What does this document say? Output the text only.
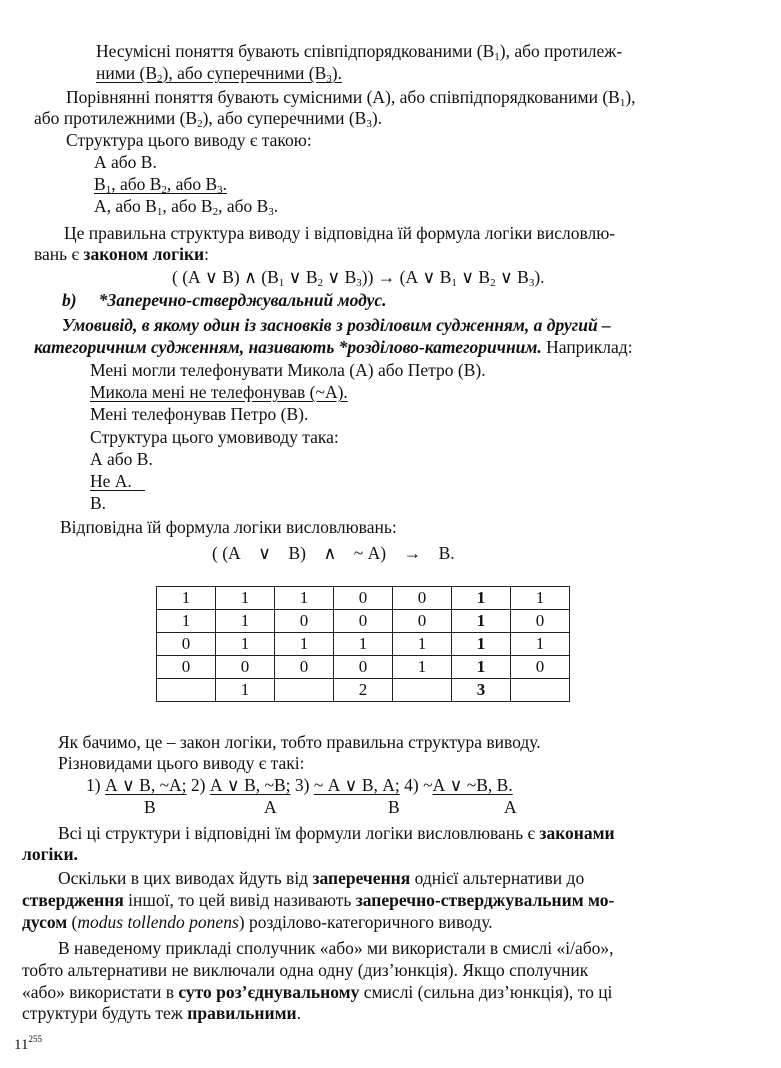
Несумісні поняття бувають співпідпорядкованими $(В_1)$, або протилеж-
ними $(В_2)$, або суперечними $(В_3)$.
Порівнянні поняття бувають сумісними (А), або співпідпорядкованими $(В_1)$,
або протилежними $(В_2)$, або суперечними $(В_3)$.
Структура цього виводу є такою:
А або В.
$В_1$, або $В_2$, або $В_3$.
А, або $В_1$, або $В_2$, або $В_3$.
Це правильна структура виводу і відповідна їй формула логіки висловлю-
вань є законом логіки:
( (А ∨ В) ∧ ($В_1$ ∨ $В_2$ ∨ $В_3)) \to (А$ ∨ $В_1$ ∨ $В_2$ ∨ $В_3$).
b) *Заперечно-стверджувальний модус.
Умовивід, в якому один із засновків з розділовим судженням, а другий –
категоричним судженням, називають *розділово-категоричним. Наприклад:
Мені могли телефонувати Микола (А) або Петро (В).
Микола мені не телефонував (~А).
Мені телефонував Петро (В).
Структура цього умовиводу така:
А або В.
Не А.
В.
Відповідна їй формула логіки висловлювань:
( (А    ∨    В)    ∧    ~ А)    →    В.
1	1	1	0	0	1	1
1	1	0	0	0	1	0
0	1	1	1	1	1	1
0	0	0	0	1	1	0
	1		2		3	
Як бачимо, це – закон логіки, тобто правильна структура виводу.
Різновидами цього виводу є такі:
1) А ∨ В, ~А; 2) А ∨ В, ~В; 3) ~ А ∨ В, А; 4) ~А ∨ ~В, В.
В	А	В	А
Всі ці структури і відповідні їм формули логіки висловлювань є законами
логіки.
Оскільки в цих виводах йдуть від заперечення однієї альтернативи до
ствердження іншої, то цей вивід називають заперечно-стверджувальним мо-
дусом (modus tollendo ponens) розділово-категоричного виводу.
В наведеному прикладі сполучник «або» ми використали в смислі «і/або»,
тобто альтернативи не виключали одна одну (диз’юнкція). Якщо сполучник
«або» використати в суто роз’єднувальному смислі (сильна диз’юнкція), то ці
структури будуть теж правильними.
$11^{255}$
